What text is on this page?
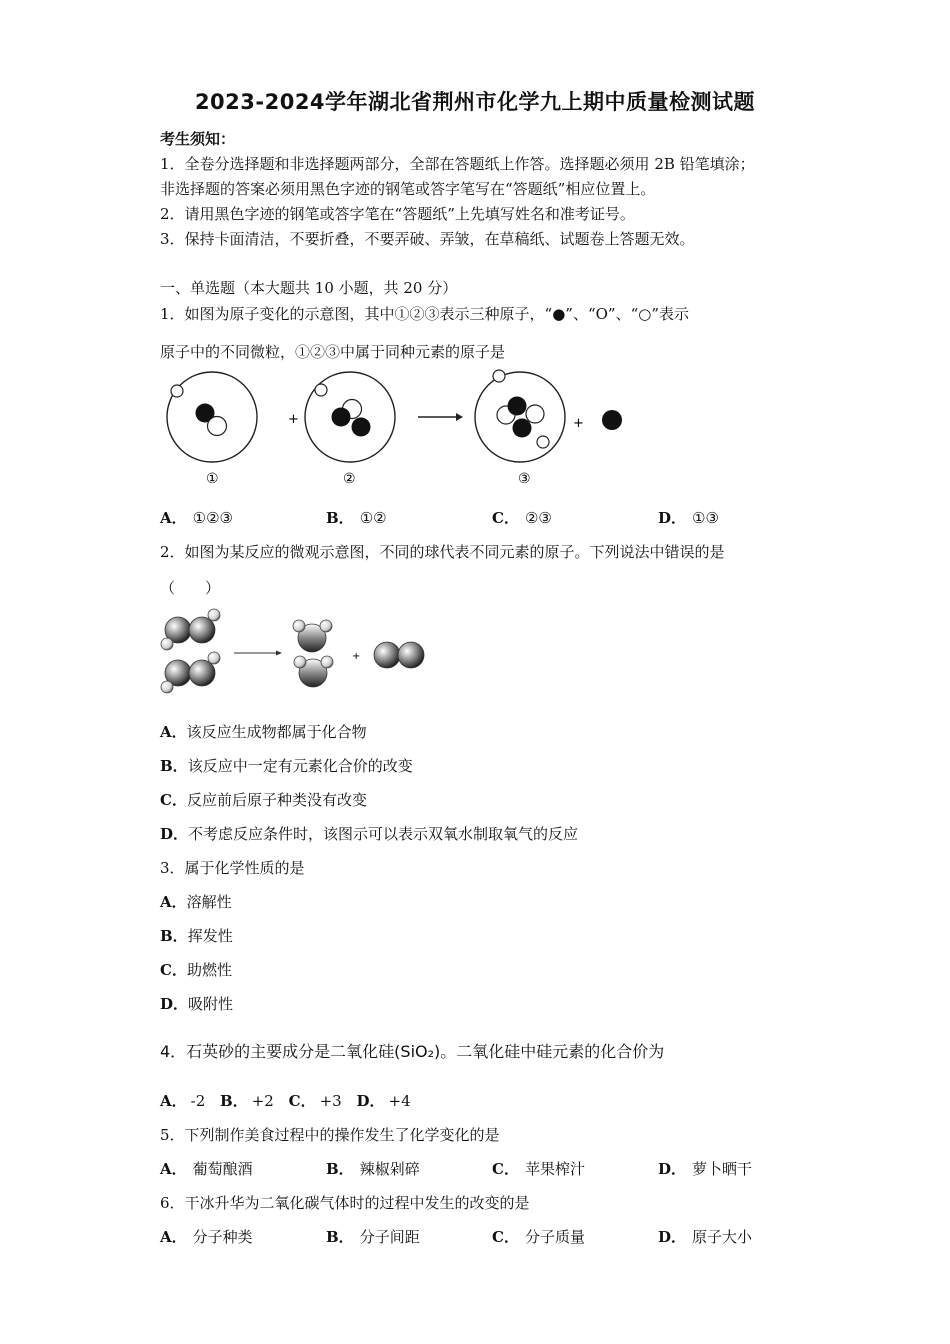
2023-2024学年湖北省荆州市化学九上期中质量检测试题
考生须知：
1．全卷分选择题和非选择题两部分，全部在答题纸上作答。选择题必须用 2B 铅笔填涂；
非选择题的答案必须用黑色字迹的钢笔或答字笔写在“答题纸”相应位置上。
2．请用黑色字迹的钢笔或答字笔在“答题纸”上先填写姓名和准考证号。
3．保持卡面清洁，不要折叠，不要弄破、弄皱，在草稿纸、试题卷上答题无效。
一、单选题（本大题共 10 小题，共 20 分）
1．如图为原子变化的示意图，其中①②③表示三种原子，“●”、“O”、“○”表示
原子中的不同微粒，①②③中属于同种元素的原子是
+	+
①	②	③
A． ①②③	B． ①②	C． ②③	D． ①③
2．如图为某反应的微观示意图，不同的球代表不同元素的原子。下列说法中错误的是
（　　）
+
A．该反应生成物都属于化合物
B．该反应中一定有元素化合价的改变
C．反应前后原子种类没有改变
D．不考虑反应条件时，该图示可以表示双氧水制取氧气的反应
3．属于化学性质的是
A．溶解性
B．挥发性
C．助燃性
D．吸附性
4．石英砂的主要成分是二氧化硅(SiO₂)。二氧化硅中硅元素的化合价为
A． -2 B． +2 C． +3 D． +4
5．下列制作美食过程中的操作发生了化学变化的是
A． 葡萄酿酒	B． 辣椒剁碎	C． 苹果榨汁	D． 萝卜晒干
6．干冰升华为二氧化碳气体时的过程中发生的改变的是
A． 分子种类	B． 分子间距	C． 分子质量	D． 原子大小
